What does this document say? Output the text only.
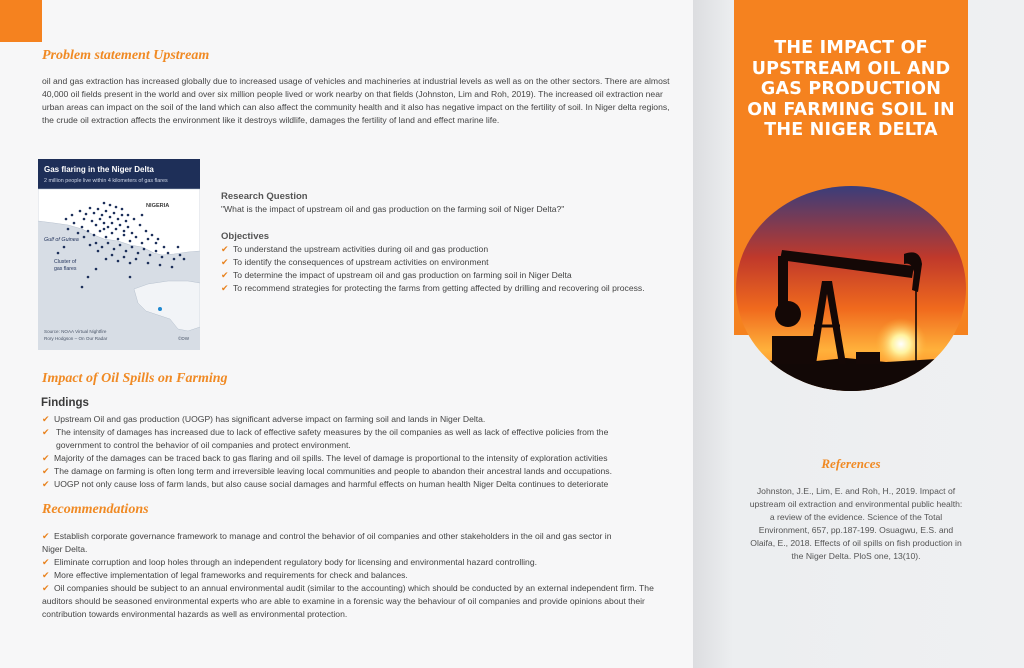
Problem statement Upstream
oil and gas extraction has increased globally due to increased usage of vehicles and machineries at industrial levels as well as on the other sectors. There are almost 40,000 oil fields present in the world and over six million people lived or work nearby on that fields (Johnston, Lim and Roh, 2019). The increased oil extraction near urban areas can impact on the soil of the land which can also affect the community health and it also has negative impact on the fertility of soil. In Niger delta regions, the crude oil extraction affects the environment like it destroys wildlife, damages the fertility of land and effect marine life.
Gas flaring in the Niger Delta
2 million people live within 4 kilometers of gas flares
NIGERIA
Gulf of Guinea
Cluster of
gas flares
Source: NOAA Virtual Nightfire
Rory Hodgson – On Our Radar	©DW
Research Question
"What is the impact of upstream oil and gas production on the farming soil of Niger Delta?"
Objectives
✔ To understand the upstream activities during oil and gas production
✔ To identify the consequences of upstream activities on environment
✔ To determine the impact of upstream oil and gas production on farming soil in Niger Delta
✔ To recommend strategies for protecting the farms from getting affected by drilling and recovering oil process.
Impact of Oil Spills on Farming
Findings
✔ Upstream Oil and gas production (UOGP) has significant adverse impact on farming soil and lands in Niger Delta.
✔ The intensity of damages has increased due to lack of effective safety measures by the oil companies as well as lack of effective policies from the government to control the behavior of oil companies and protect environment.
✔ Majority of the damages can be traced back to gas flaring and oil spills. The level of damage is proportional to the intensity of exploration activities
✔ The damage on farming is often long term and irreversible leaving local communities and people to abandon their ancestral lands and occupations.
✔ UOGP not only cause loss of farm lands, but also cause social damages and harmful effects on human health Niger Delta continues to deteriorate
Recommendations
✔ Establish corporate governance framework to manage and control the behavior of oil companies and other stakeholders in the oil and gas sector in Niger Delta.
✔ Eliminate corruption and loop holes through an independent regulatory body for licensing and environmental hazard controlling.
✔ More effective implementation of legal frameworks and requirements for check and balances.
✔ Oil companies should be subject to an annual environmental audit (similar to the accounting) which should be conducted by an external independent firm. The auditors should be seasoned environmental experts who are able to examine in a forensic way the behaviour of oil companies and provide opinions about their contribution towards environmental hazards as well as environmental protection.
THE IMPACT OF UPSTREAM OIL AND GAS PRODUCTION ON FARMING SOIL IN THE NIGER DELTA
References
Johnston, J.E., Lim, E. and Roh, H., 2019. Impact of upstream oil extraction and environmental public health: a review of the evidence. Science of the Total Environment, 657, pp.187-199. Osuagwu, E.S. and Olaifa, E., 2018. Effects of oil spills on fish production in the Niger Delta. PloS one, 13(10).
